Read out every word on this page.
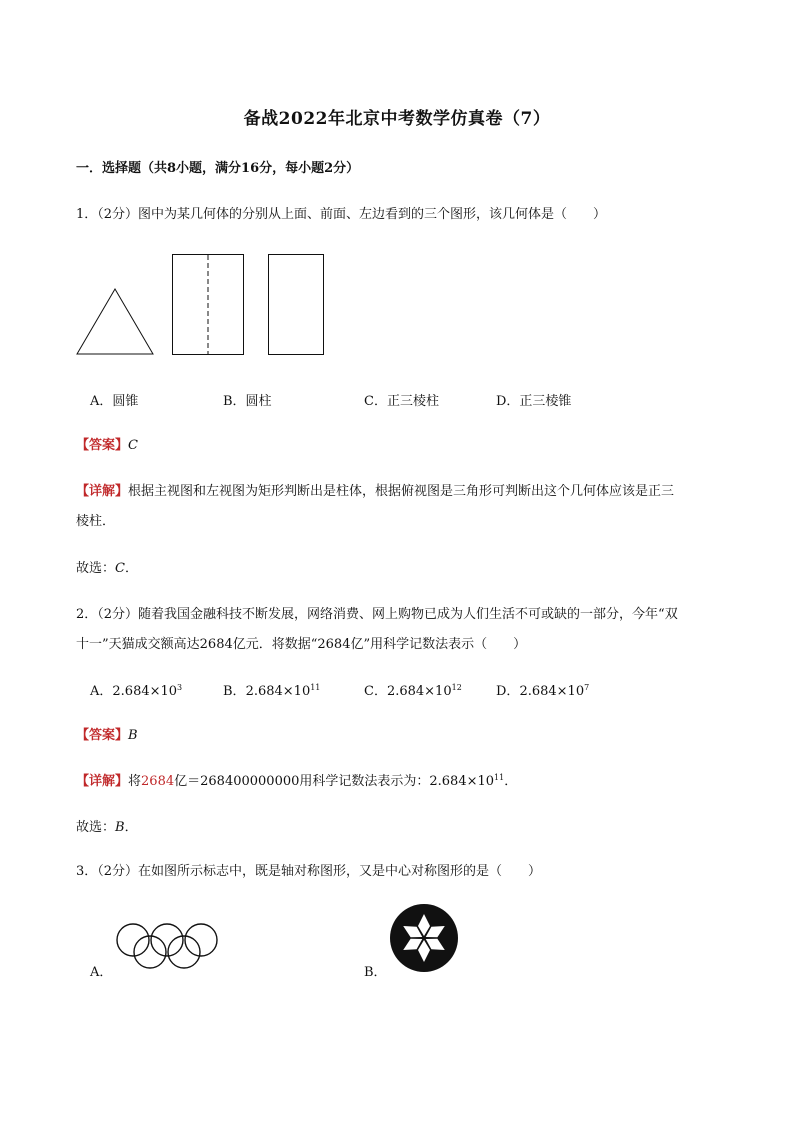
备战2022年北京中考数学仿真卷（7）
一．选择题（共8小题，满分16分，每小题2分）
1．（2分）图中为某几何体的分别从上面、前面、左边看到的三个图形，该几何体是（　　）
A．圆锥	B．圆柱	C．正三棱柱	D．正三棱锥
【答案】C
【详解】根据主视图和左视图为矩形判断出是柱体，根据俯视图是三角形可判断出这个几何体应该是正三
棱柱．
故选：C．
2．（2分）随着我国金融科技不断发展，网络消费、网上购物已成为人们生活不可或缺的一部分，今年“双
十一”天猫成交额高达2684亿元．将数据“2684亿”用科学记数法表示（　　）
A．$2.684\times 10^3$	B．$2.684\times 10^{11}$	C．$2.684\times 10^{12}$	D．$2.684\times 10^7$
【答案】B
【详解】将2684亿＝268400000000用科学记数法表示为：$2.684\times 10^{11}$．
故选：B．
3．（2分）在如图所示标志中，既是轴对称图形，又是中心对称图形的是（　　）
A．	B．
